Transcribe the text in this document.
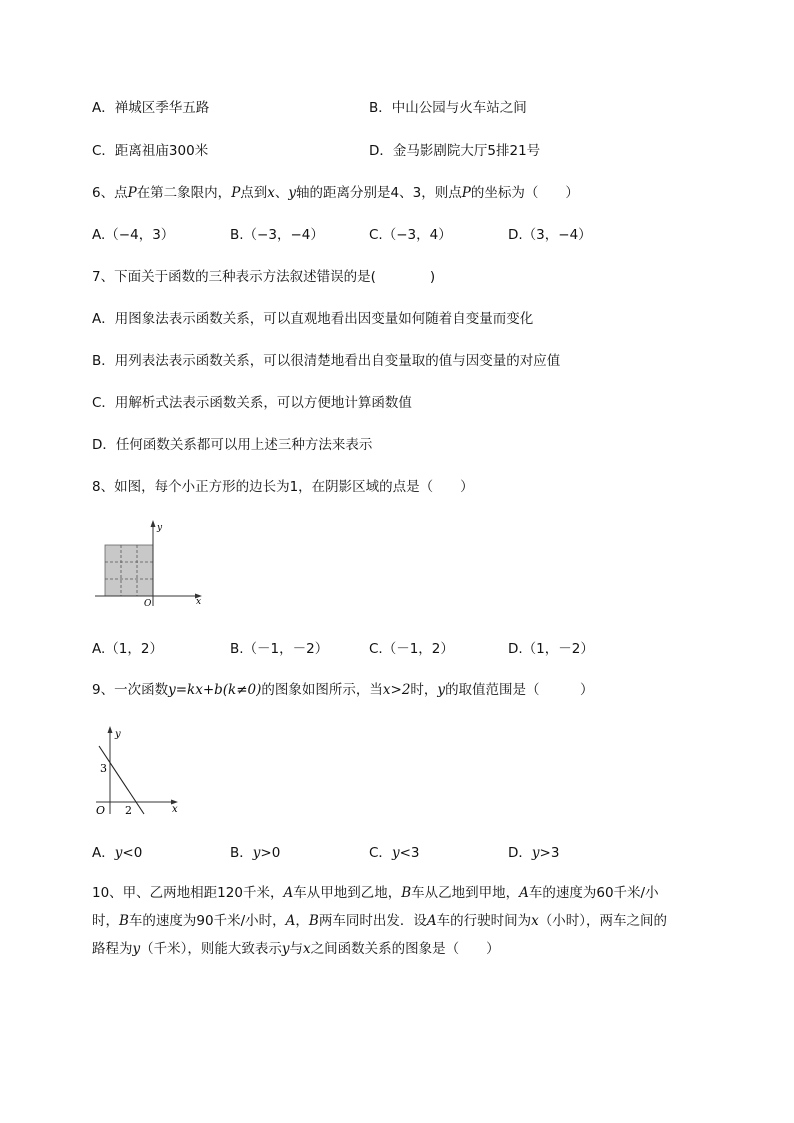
A．禅城区季华五路	B．中山公园与火车站之间
C．距离祖庙300米	D．金马影剧院大厅5排21号
6、点P在第二象限内，P点到x、y轴的距离分别是4、3，则点P的坐标为（　　）
A.（−4，3）	B.（−3，−4）	C.（−3，4）	D.（3，−4）
7、下面关于函数的三种表示方法叙述错误的是(　　　　)
A．用图象法表示函数关系，可以直观地看出因变量如何随着自变量而变化
B．用列表法表示函数关系，可以很清楚地看出自变量取的值与因变量的对应值
C．用解析式法表示函数关系，可以方便地计算函数值
D．任何函数关系都可以用上述三种方法来表示
8、如图，每个小正方形的边长为1，在阴影区域的点是（　　）
y
x
O
A.（1，2）	B.（－1，－2）	C.（－1，2）	D.（1，－2）
9、一次函数y=kx+b(k≠0)的图象如图所示，当x>2时，y的取值范围是（　　　）
y
x
O
3
2
A．y<0	B．y>0	C．y<3	D．y>3
10、甲、乙两地相距120千米，A车从甲地到乙地，B车从乙地到甲地，A车的速度为60千米/小
时，B车的速度为90千米/小时，A，B两车同时出发．设A车的行驶时间为x（小时），两车之间的
路程为y（千米），则能大致表示y与x之间函数关系的图象是（　　）
